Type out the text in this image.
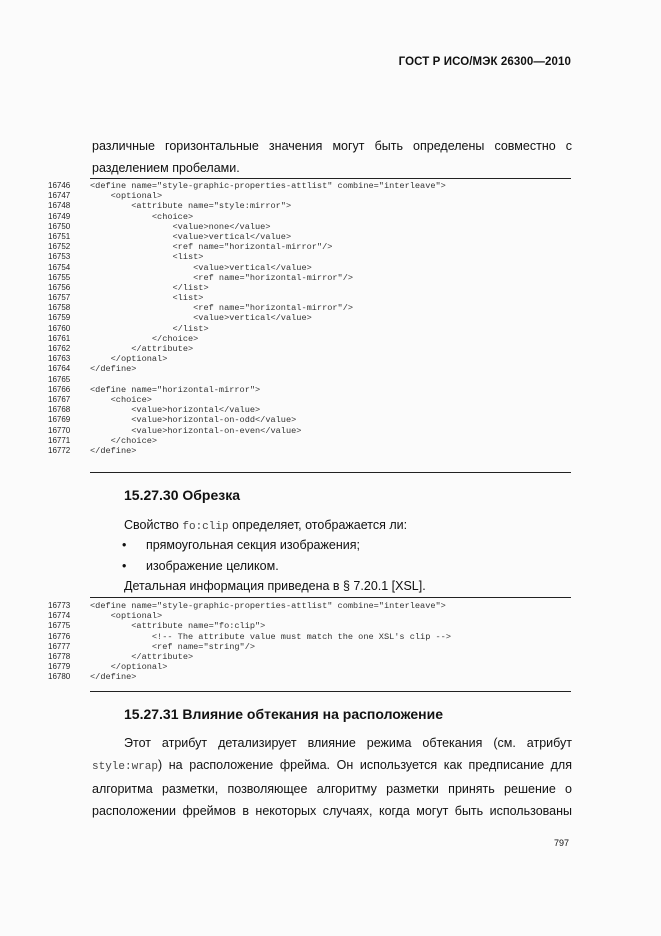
ГОСТ Р ИСО/МЭК 26300—2010
различные горизонтальные значения могут быть определены совместно с
разделением пробелами.
16746	<define name="style-graphic-properties-attlist" combine="interleave">
16747	<optional>
16748	<attribute name="style:mirror">
16749	<choice>
16750	<value>none</value>
16751	<value>vertical</value>
16752	<ref name="horizontal-mirror"/>
16753	<list>
16754	<value>vertical</value>
16755	<ref name="horizontal-mirror"/>
16756	</list>
16757	<list>
16758	<ref name="horizontal-mirror"/>
16759	<value>vertical</value>
16760	</list>
16761	</choice>
16762	</attribute>
16763	</optional>
16764	</define>
16765
16766	<define name="horizontal-mirror">
16767	<choice>
16768	<value>horizontal</value>
16769	<value>horizontal-on-odd</value>
16770	<value>horizontal-on-even</value>
16771	</choice>
16772	</define>
15.27.30 Обрезка
Свойство fo:clip определяет, отображается ли:
• прямоугольная секция изображения;
• изображение целиком.
Детальная информация приведена в § 7.20.1 [XSL].
16773	<define name="style-graphic-properties-attlist" combine="interleave">
16774	<optional>
16775	<attribute name="fo:clip">
16776	<!-- The attribute value must match the one XSL's clip -->
16777	<ref name="string"/>
16778	</attribute>
16779	</optional>
16780	</define>
15.27.31 Влияние обтекания на расположение
Этот атрибут детализирует влияние режима обтекания (см. атрибут
style:wrap) на расположение фрейма. Он используется как предписание для
алгоритма разметки, позволяющее алгоритму разметки принять решение о
расположении фреймов в некоторых случаях, когда могут быть использованы
797
